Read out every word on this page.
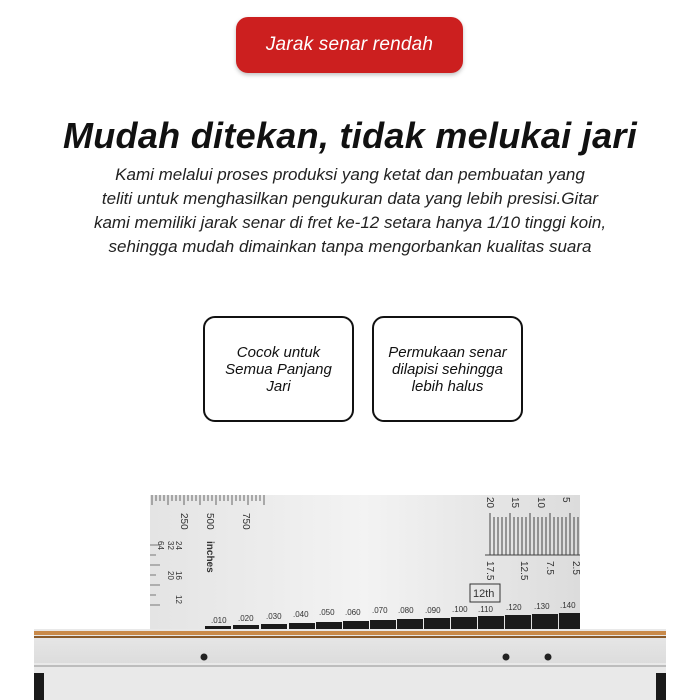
Jarak senar rendah
Mudah ditekan, tidak melukai jari
Kami melalui proses produksi yang ketat dan pembuatan yang
teliti untuk menghasilkan pengukuran data yang lebih presisi.Gitar
kami memiliki jarak senar di fret ke-12 setara hanya 1/10 tinggi koin,
sehingga mudah dimainkan tanpa mengorbankan kualitas suara
Cocok untuk Semua Panjang Jari
Permukaan senar dilapisi sehingga lebih halus
250 500	750
inches
64 32 24
20 16
12
20 15 10 5
17.5 12.5 7.5 2.5
12th
.010 .020 .030 .040 .050 .060 .070 .080 .090 .100 .110 .120 .130 .140
